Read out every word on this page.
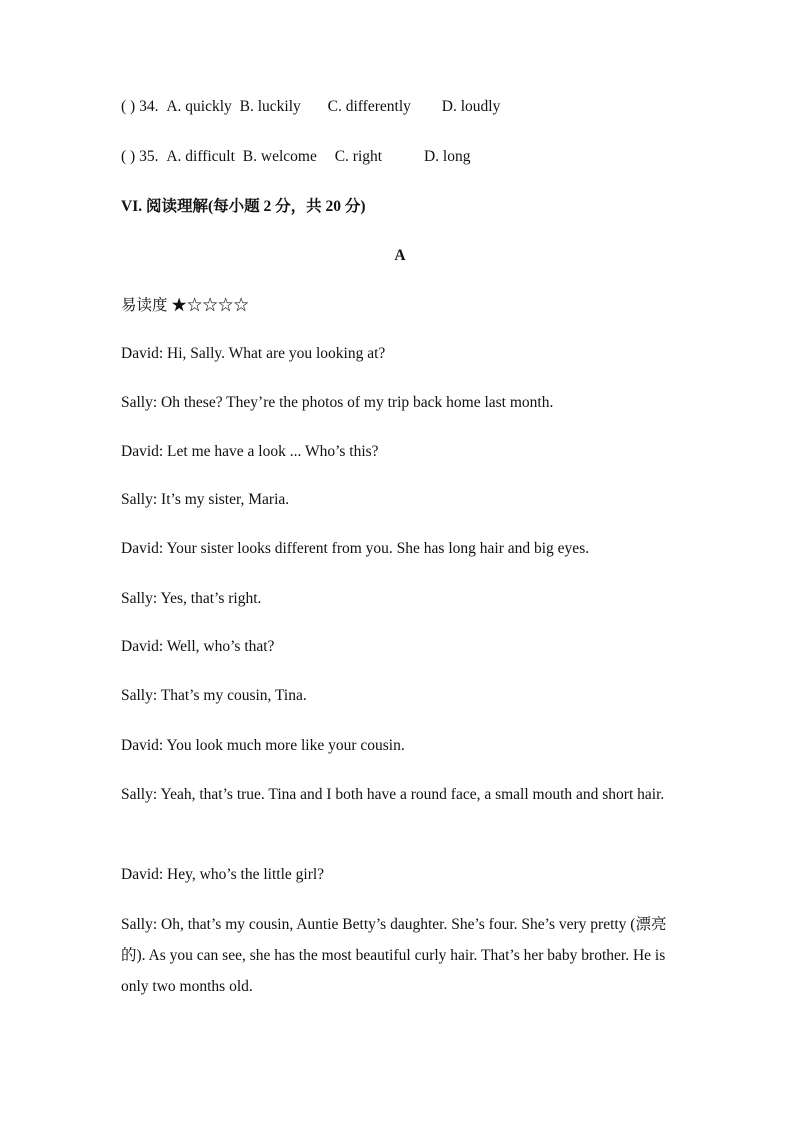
( ) 34. A. quickly B. luckily C. differently D. loudly
( ) 35. A. difficult B. welcome C. right	D. long
VI. 阅读理解(每小题 2 分，共 20 分)
A
易读度 ★☆☆☆☆
David: Hi, Sally. What are you looking at?
Sally: Oh these? They’re the photos of my trip back home last month.
David: Let me have a look ... Who’s this?
Sally: It’s my sister, Maria.
David: Your sister looks different from you. She has long hair and big eyes.
Sally: Yes, that’s right.
David: Well, who’s that?
Sally: That’s my cousin, Tina.
David: You look much more like your cousin.
Sally: Yeah, that’s true. Tina and I both have a round face, a small mouth and short hair.
David: Hey, who’s the little girl?
Sally: Oh, that’s my cousin, Auntie Betty’s daughter. She’s four. She’s very pretty (漂亮的). As you can see, she has the most beautiful curly hair. That’s her baby brother. He is only two months old.
